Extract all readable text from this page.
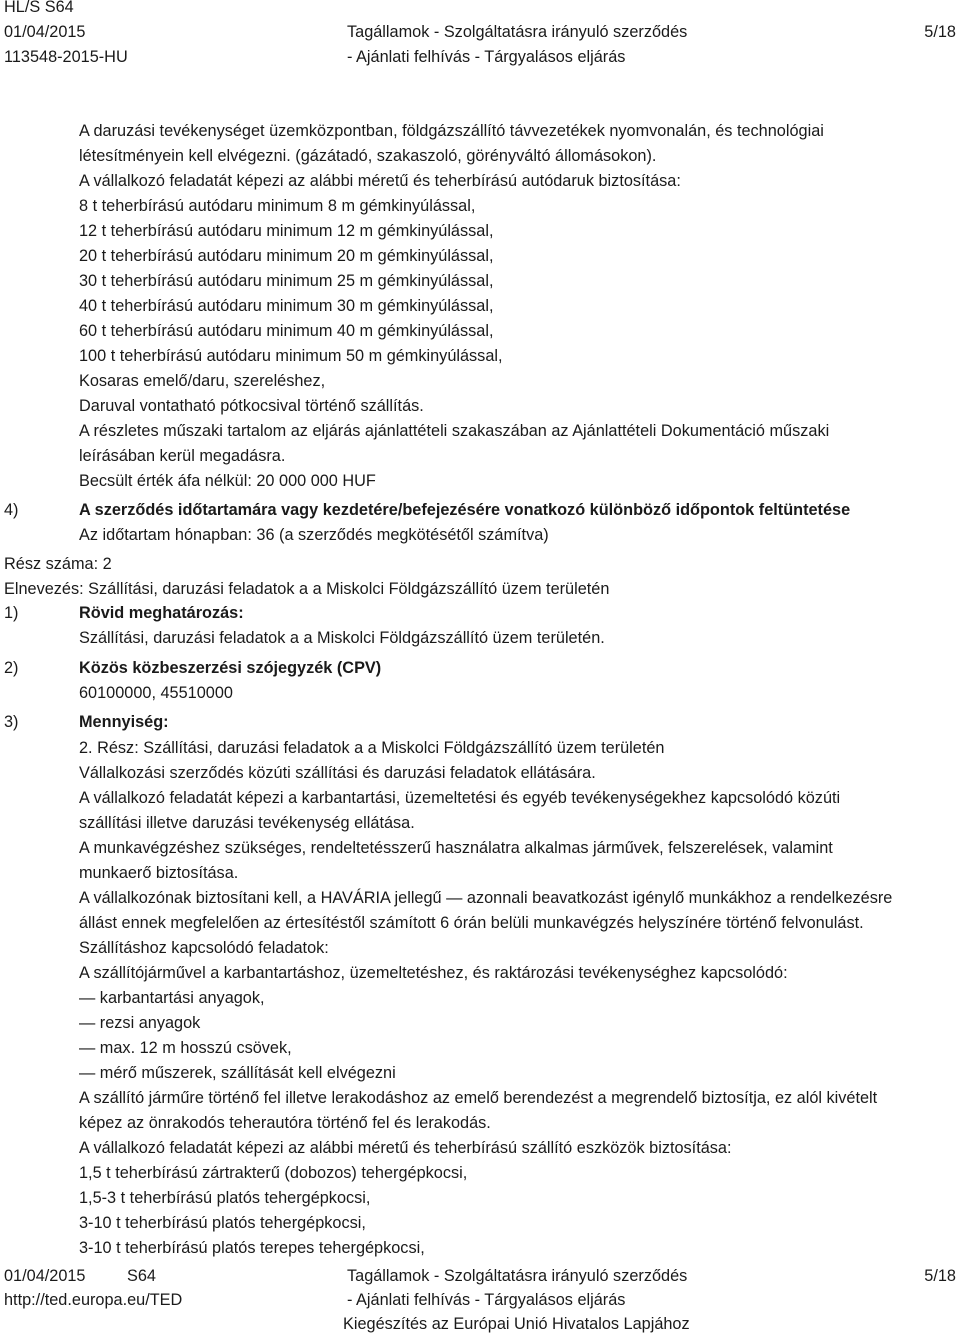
HL/S S64
01/04/2015
113548-2015-HU
Tagállamok - Szolgáltatásra irányuló szerződés
- Ajánlati felhívás - Tárgyalásos eljárás
5/18
A daruzási tevékenységet üzemközpontban, földgázszállító távvezetékek nyomvonalán, és technológiai
létesítményein kell elvégezni. (gázátadó, szakaszoló, görényváltó állomásokon).
A vállalkozó feladatát képezi az alábbi méretű és teherbírású autódaruk biztosítása:
8 t teherbírású autódaru minimum 8 m gémkinyúlással,
12 t teherbírású autódaru minimum 12 m gémkinyúlással,
20 t teherbírású autódaru minimum 20 m gémkinyúlással,
30 t teherbírású autódaru minimum 25 m gémkinyúlással,
40 t teherbírású autódaru minimum 30 m gémkinyúlással,
60 t teherbírású autódaru minimum 40 m gémkinyúlással,
100 t teherbírású autódaru minimum 50 m gémkinyúlással,
Kosaras emelő/daru, szereléshez,
Daruval vontatható pótkocsival történő szállítás.
A részletes műszaki tartalom az eljárás ajánlattételi szakaszában az Ajánlattételi Dokumentáció műszaki
leírásában kerül megadásra.
Becsült érték áfa nélkül: 20 000 000 HUF
4)	A szerződés időtartamára vagy kezdetére/befejezésére vonatkozó különböző időpontok feltüntetése
Az időtartam hónapban: 36 (a szerződés megkötésétől számítva)
Rész száma: 2
Elnevezés: Szállítási, daruzási feladatok a a Miskolci Földgázszállító üzem területén
1)	Rövid meghatározás:
Szállítási, daruzási feladatok a a Miskolci Földgázszállító üzem területén.
2)	Közös közbeszerzési szójegyzék (CPV)
60100000, 45510000
3)	Mennyiség:
2. Rész: Szállítási, daruzási feladatok a a Miskolci Földgázszállító üzem területén
Vállalkozási szerződés közúti szállítási és daruzási feladatok ellátására.
A vállalkozó feladatát képezi a karbantartási, üzemeltetési és egyéb tevékenységekhez kapcsolódó közúti
szállítási illetve daruzási tevékenység ellátása.
A munkavégzéshez szükséges, rendeltetésszerű használatra alkalmas járművek, felszerelések, valamint
munkaerő biztosítása.
A vállalkozónak biztosítani kell, a HAVÁRIA jellegű — azonnali beavatkozást igénylő munkákhoz a rendelkezésre
állást ennek megfelelően az értesítéstől számított 6 órán belüli munkavégzés helyszínére történő felvonulást.
Szállításhoz kapcsolódó feladatok:
A szállítójárművel a karbantartáshoz, üzemeltetéshez, és raktározási tevékenységhez kapcsolódó:
— karbantartási anyagok,
— rezsi anyagok
— max. 12 m hosszú csövek,
— mérő műszerek, szállítását kell elvégezni
A szállító járműre történő fel illetve lerakodáshoz az emelő berendezést a megrendelő biztosítja, ez alól kivételt
képez az önrakodós teherautóra történő fel és lerakodás.
A vállalkozó feladatát képezi az alábbi méretű és teherbírású szállító eszközök biztosítása:
1,5 t teherbírású zártrakterű (dobozos) tehergépkocsi,
1,5-3 t teherbírású platós tehergépkocsi,
3-10 t teherbírású platós tehergépkocsi,
3-10 t teherbírású platós terepes tehergépkocsi,
01/04/2015	S64
http://ted.europa.eu/TED
Tagállamok - Szolgáltatásra irányuló szerződés
- Ajánlati felhívás - Tárgyalásos eljárás
Kiegészítés az Európai Unió Hivatalos Lapjához
5/18
